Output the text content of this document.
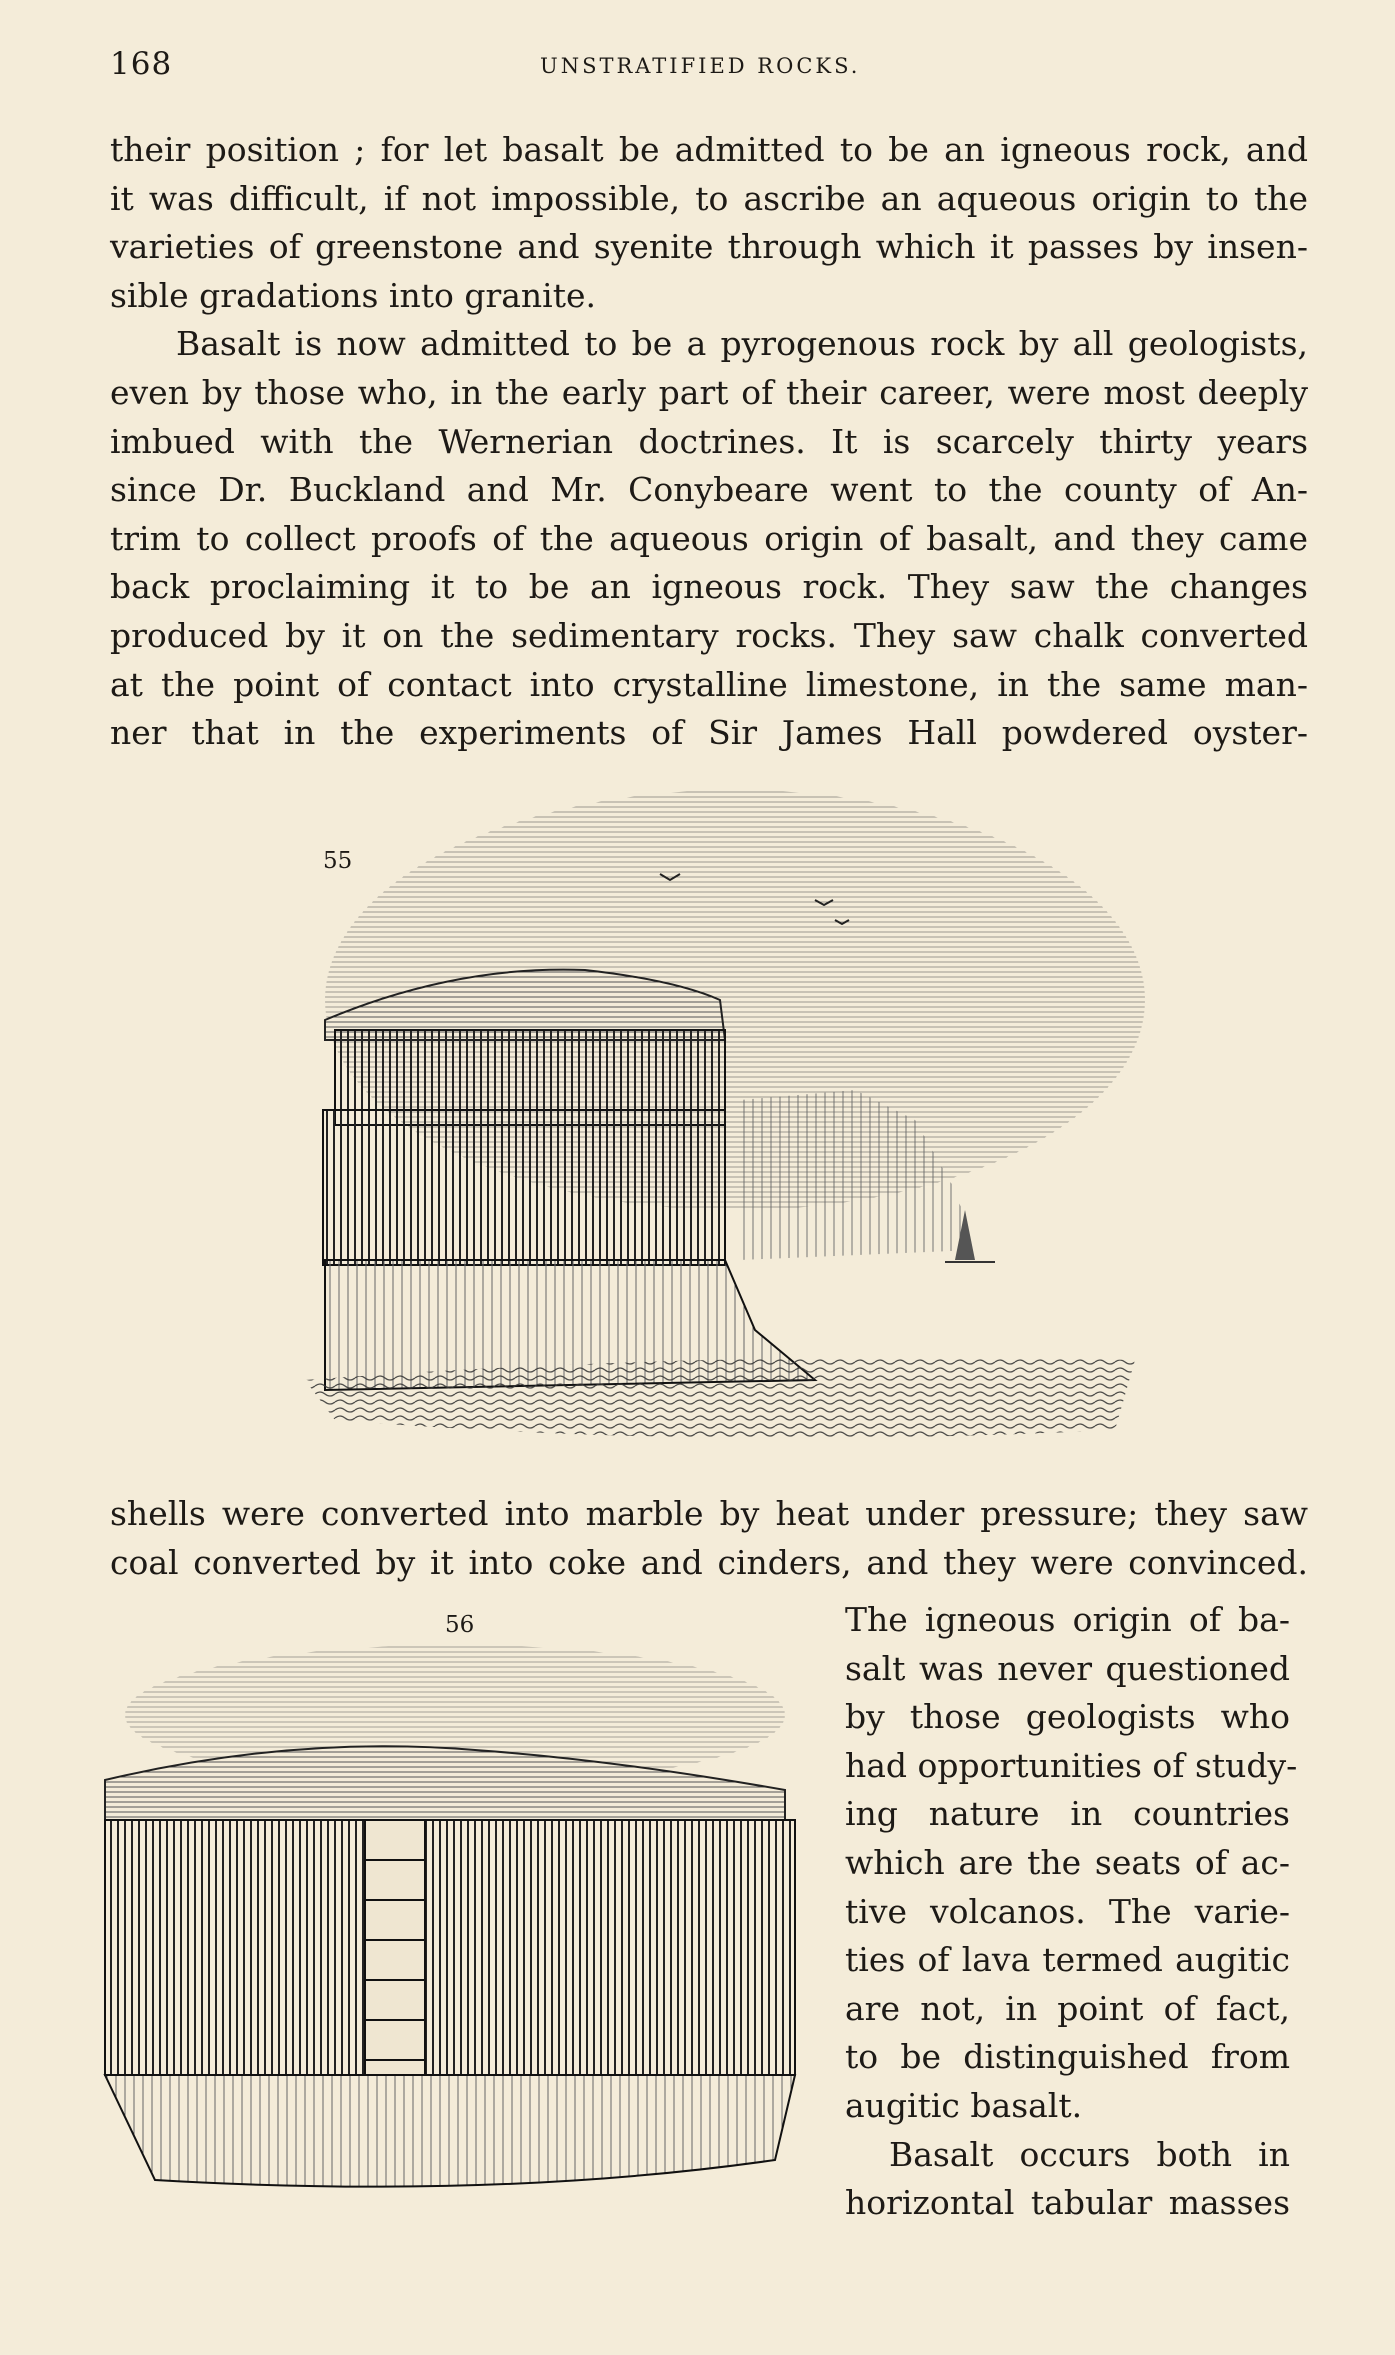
168	UNSTRATIFIED ROCKS.
their position ; for let basalt be admitted to be an igneous rock, and
it was difficult, if not impossible, to ascribe an aqueous origin to the
varieties of greenstone and syenite through which it passes by insen-
sible gradations into granite.
Basalt is now admitted to be a pyrogenous rock by all geologists,
even by those who, in the early part of their career, were most deeply
imbued with the Wernerian doctrines. It is scarcely thirty years
since Dr. Buckland and Mr. Conybeare went to the county of An-
trim to collect proofs of the aqueous origin of basalt, and they came
back proclaiming it to be an igneous rock. They saw the changes
produced by it on the sedimentary rocks. They saw chalk converted
at the point of contact into crystalline limestone, in the same man-
ner that in the experiments of Sir James Hall powdered oyster-
55
shells were converted into marble by heat under pressure; they saw
coal converted by it into coke and cinders, and they were convinced.
56	The igneous origin of ba-
salt was never questioned
by those geologists who
had opportunities of study-
ing nature in countries
which are the seats of ac-
tive volcanos. The varie-
ties of lava termed augitic
are not, in point of fact,
to be distinguished from
augitic basalt.
Basalt occurs both in
horizontal tabular masses
